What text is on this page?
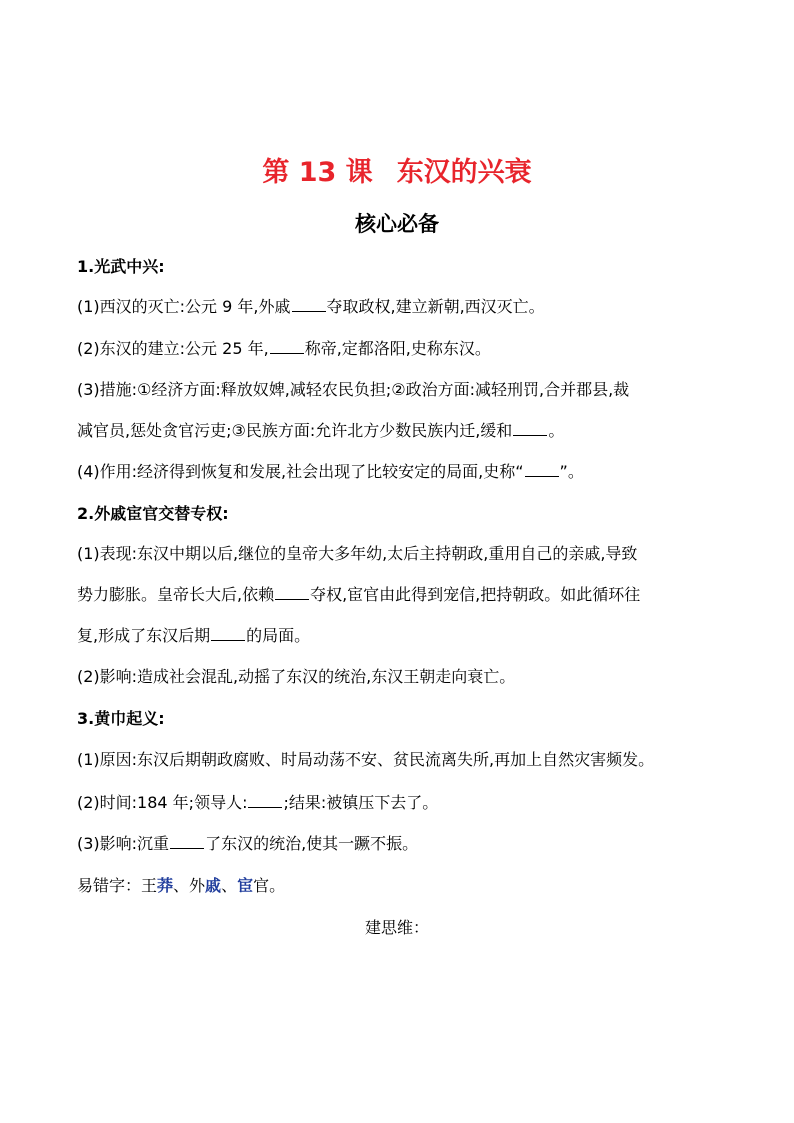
第 13 课 东汉的兴衰
核心必备
1.光武中兴:
(1)西汉的灭亡:公元 9 年,外戚 夺取政权,建立新朝,西汉灭亡。
(2)东汉的建立:公元 25 年, 称帝,定都洛阳,史称东汉。
(3)措施:①经济方面:释放奴婢,减轻农民负担;②政治方面:减轻刑罚,合并郡县,裁
减官员,惩处贪官污吏;③民族方面:允许北方少数民族内迁,缓和 。
(4)作用:经济得到恢复和发展,社会出现了比较安定的局面,史称“ ”。
2.外戚宦官交替专权:
(1)表现:东汉中期以后,继位的皇帝大多年幼,太后主持朝政,重用自己的亲戚,导致
势力膨胀。皇帝长大后,依赖 夺权,宦官由此得到宠信,把持朝政。如此循环往
复,形成了东汉后期 的局面。
(2)影响:造成社会混乱,动摇了东汉的统治,东汉王朝走向衰亡。
3.黄巾起义:
(1)原因:东汉后期朝政腐败、时局动荡不安、贫民流离失所,再加上自然灾害频发。
(2)时间:184 年;领导人: ;结果:被镇压下去了。
(3)影响:沉重 了东汉的统治,使其一蹶不振。
易错字：王莽、外戚、宦官。
建思维：
